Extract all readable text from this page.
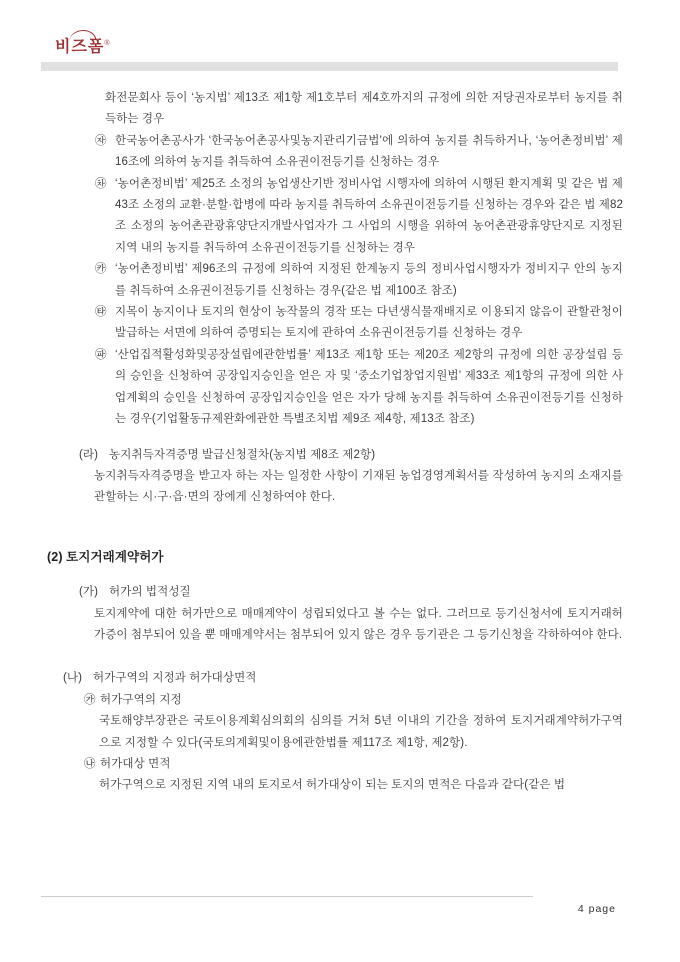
비즈폼®
화전문회사 등이 ‘농지법’ 제13조 제1항 제1호부터 제4호까지의 규정에 의한 저당권자로부터 농지를 취득하는 경우
㉶ 한국농어촌공사가 ‘한국농어촌공사및농지관리기금법’에 의하여 농지를 취득하거나, ‘농어촌정비법’ 제16조에 의하여 농지를 취득하여 소유권이전등기를 신청하는 경우
㉷ ‘농어촌정비법’ 제25조 소정의 농업생산기반 정비사업 시행자에 의하여 시행된 환지계획 및 같은 법 제43조 소정의 교환·분할·합병에 따라 농지를 취득하여 소유권이전등기를 신청하는 경우와 같은 법 제82조 소정의 농어촌관광휴양단지개발사업자가 그 사업의 시행을 위하여 농어촌관광휴양단지로 지정된 지역 내의 농지를 취득하여 소유권이전등기를 신청하는 경우
㉸ ‘농어촌정비법’ 제96조의 규정에 의하여 지정된 한계농지 등의 정비사업시행자가 정비지구 안의 농지를 취득하여 소유권이전등기를 신청하는 경우(같은 법 제100조 참조)
㉹ 지목이 농지이나 토지의 현상이 농작물의 경작 또는 다년생식물재배지로 이용되지 않음이 관할관청이 발급하는 서면에 의하여 증명되는 토지에 관하여 소유권이전등기를 신청하는 경우
㉺ ‘산업집적활성화및공장설립에관한법률’ 제13조 제1항 또는 제20조 제2항의 규정에 의한 공장설립 등의 승인을 신청하여 공장입지승인을 얻은 자 및 ‘중소기업창업지원법’ 제33조 제1항의 규정에 의한 사업계획의 승인을 신청하여 공장입지승인을 얻은 자가 당해 농지를 취득하여 소유권이전등기를 신청하는 경우(기업활동규제완화에관한 특별조치법 제9조 제4항, 제13조 참조)
(라) 농지취득자격증명 발급신청절차(농지법 제8조 제2항)
농지취득자격증명을 받고자 하는 자는 일정한 사항이 기재된 농업경영계획서를 작성하여 농지의 소재지를 관할하는 시·구·읍·면의 장에게 신청하여야 한다.
(2) 토지거래계약허가
(가) 허가의 법적성질
토지계약에 대한 허가만으로 매매계약이 성립되었다고 볼 수는 없다. 그러므로 등기신청서에 토지거래허가증이 첨부되어 있을 뿐 매매계약서는 첨부되어 있지 않은 경우 등기관은 그 등기신청을 각하하여야 한다.
(나) 허가구역의 지정과 허가대상면적
㉮ 허가구역의 지정
국토해양부장관은 국토이용계획심의회의 심의를 거쳐 5년 이내의 기간을 정하여 토지거래계약허가구역으로 지정할 수 있다(국토의계획및이용에관한법률 제117조 제1항, 제2항).
㉯ 허가대상 면적
허가구역으로 지정된 지역 내의 토지로서 허가대상이 되는 토지의 면적은 다음과 같다(같은 법
4 page
